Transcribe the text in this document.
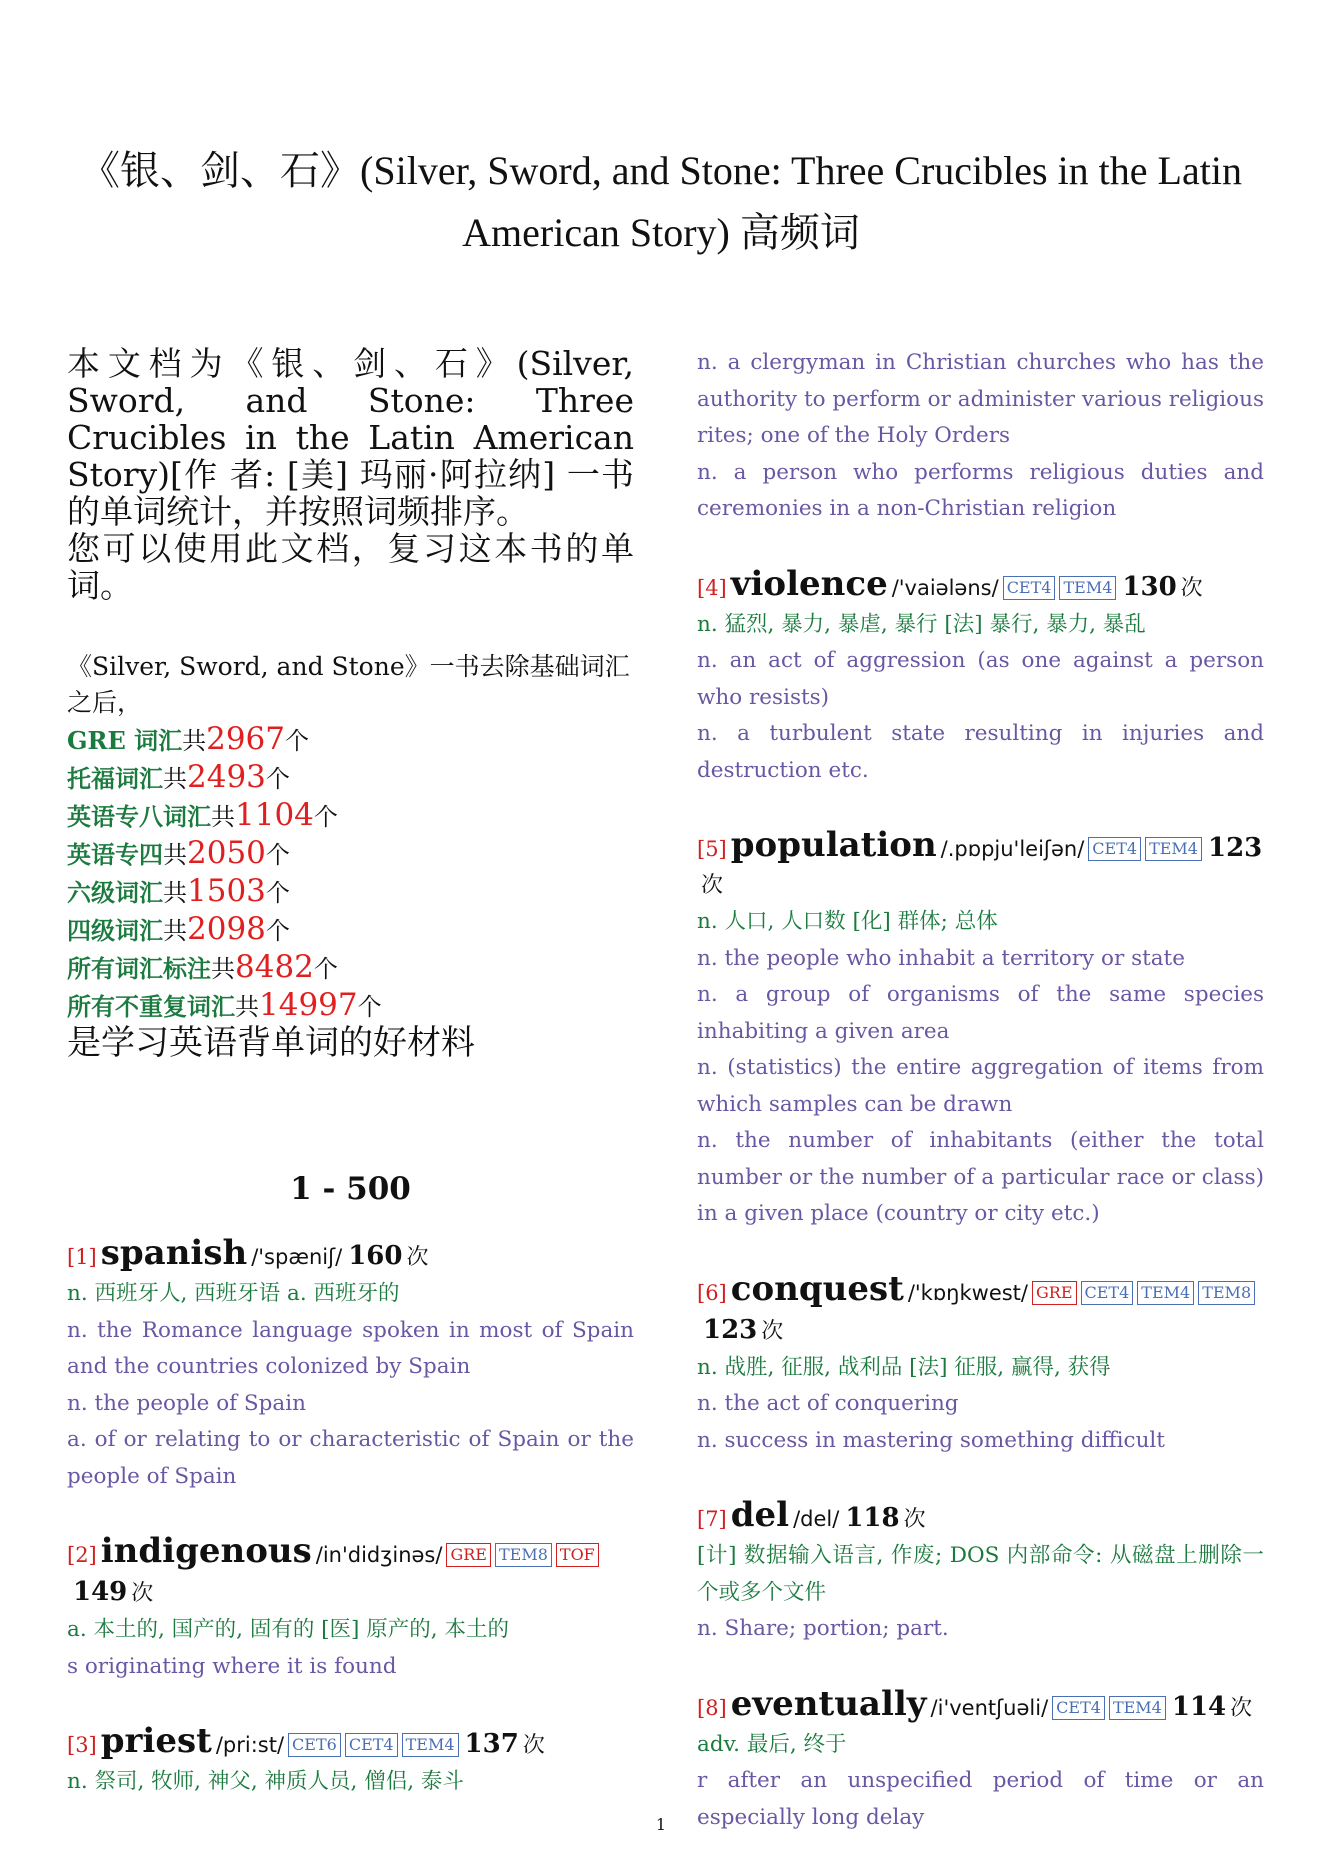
《银、剑、石》(Silver, Sword, and Stone: Three Crucibles in the Latin American Story) 高频词

本文档为《银、剑、石》(Silver, Sword, and Stone: Three Crucibles in the Latin American Story)[作 者: [美] 玛丽·阿拉纳] 一书的单词统计，并按照词频排序。

您可以使用此文档，复习这本书的单词。

《Silver, Sword, and Stone》一书去除基础词汇之后，
GRE 词汇共2967个
托福词汇共2493个
英语专八词汇共1104个
英语专四共2050个
六级词汇共1503个
四级词汇共2098个
所有词汇标注共8482个
所有不重复词汇共14997个
是学习英语背单词的好材料
1 - 500
[1] spanish /'spæniʃ/ 160 次

n. 西班牙人, 西班牙语 a. 西班牙的

n. the Romance language spoken in most of Spain and the countries colonized by Spain

n. the people of Spain

a. of or relating to or characteristic of Spain or the people of Spain

[2] indigenous /in'didʒinəs/ GRE TEM8 TOF149 次

a. 本土的, 国产的, 固有的 [医] 原产的, 本土的

s originating where it is found

[3] priest /pri:st/ CET6 CET4 TEM4 137 次

n. 祭司, 牧师, 神父, 神质人员, 僧侣, 泰斗

n. a clergyman in Christian churches who has the authority to perform or administer various religious rites; one of the Holy Orders

n. a person who performs religious duties and ceremonies in a non-Christian religion

[4] violence /'vaiələns/ CET4 TEM4 130 次

n. 猛烈, 暴力, 暴虐, 暴行 [法] 暴行, 暴力, 暴乱

n. an act of aggression (as one against a person who resists)

n. a turbulent state resulting in injuries and destruction etc.

[5] population /.pɒpju'leiʃən/ CET4 TEM4 123次

n. 人口, 人口数 [化] 群体; 总体

n. the people who inhabit a territory or state

n. a group of organisms of the same species inhabiting a given area

n. (statistics) the entire aggregation of items from which samples can be drawn

n. the number of inhabitants (either the total number or the number of a particular race or class) in a given place (country or city etc.)

[6] conquest /'kɒŋkwest/ GRE CET4 TEM4 TEM8123 次

n. 战胜, 征服, 战利品 [法] 征服, 赢得, 获得

n. the act of conquering

n. success in mastering something difficult

[7] del /del/ 118 次

[计] 数据输入语言, 作废; DOS 内部命令: 从磁盘上删除一个或多个文件

n. Share; portion; part.

[8] eventually /i'ventʃuəli/ CET4 TEM4 114 次

adv. 最后, 终于

r after an unspecified period of time or an especially long delay

1
